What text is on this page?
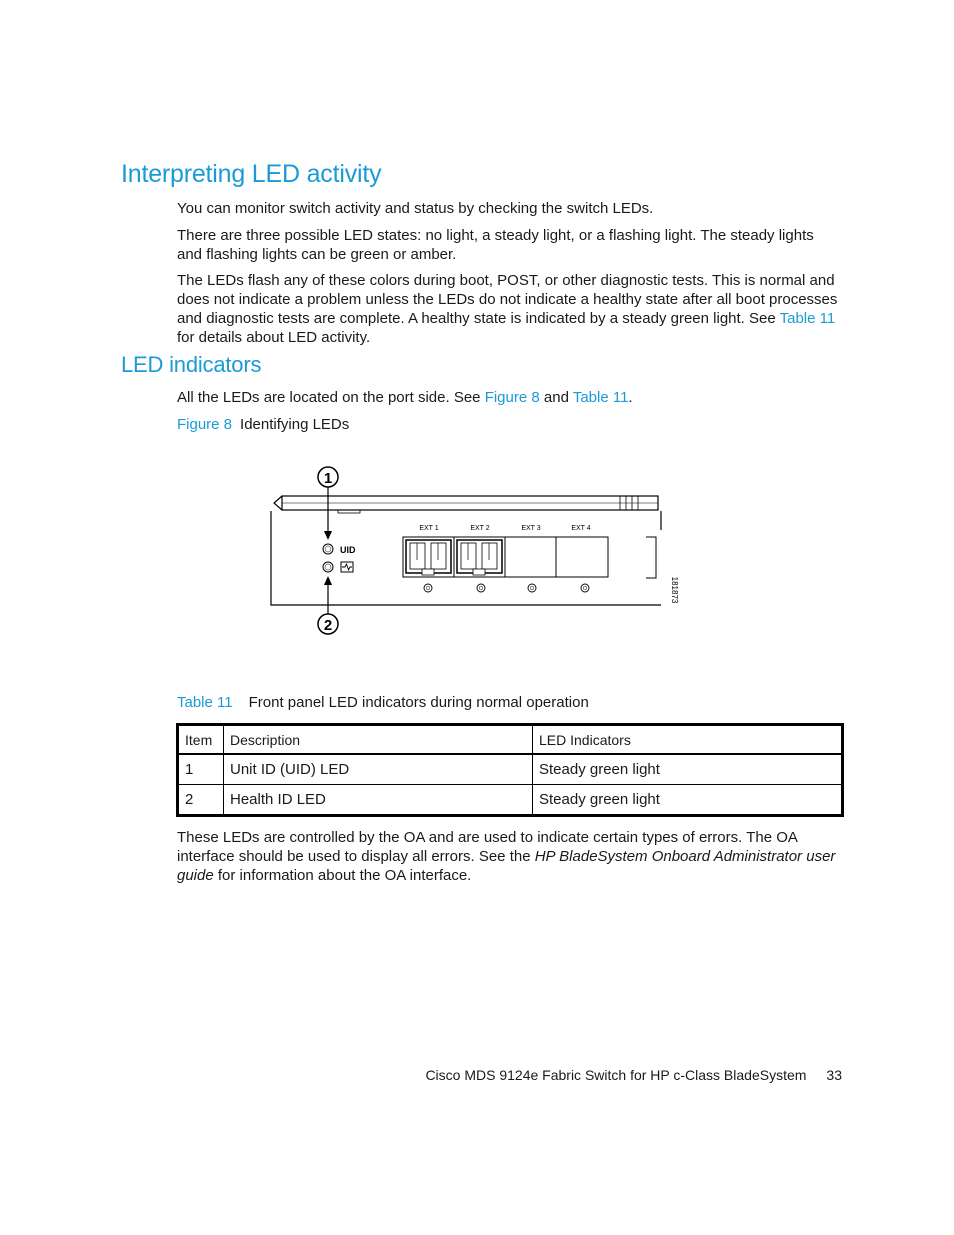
Interpreting LED activity

You can monitor switch activity and status by checking the switch LEDs.

There are three possible LED states: no light, a steady light, or a flashing light. The steady lights and flashing lights can be green or amber.

The LEDs flash any of these colors during boot, POST, or other diagnostic tests. This is normal and does not indicate a problem unless the LEDs do not indicate a healthy state after all boot processes and diagnostic tests are complete. A healthy state is indicated by a steady green light. See Table 11 for details about LED activity.

LED indicators

All the LEDs are located on the port side. See Figure 8 and Table 11.

Figure 8 Identifying LEDs
1
2
UID
EXT 1	EXT 2	EXT 3	EXT 4
181873
Table 11 Front panel LED indicators during normal operation
Item	Description	LED Indicators
1	Unit ID (UID) LED	Steady green light
2	Health ID LED	Steady green light

These LEDs are controlled by the OA and are used to indicate certain types of errors. The OA interface should be used to display all errors. See the HP BladeSystem Onboard Administrator user guide for information about the OA interface.

Cisco MDS 9124e Fabric Switch for HP c-Class BladeSystem 33
